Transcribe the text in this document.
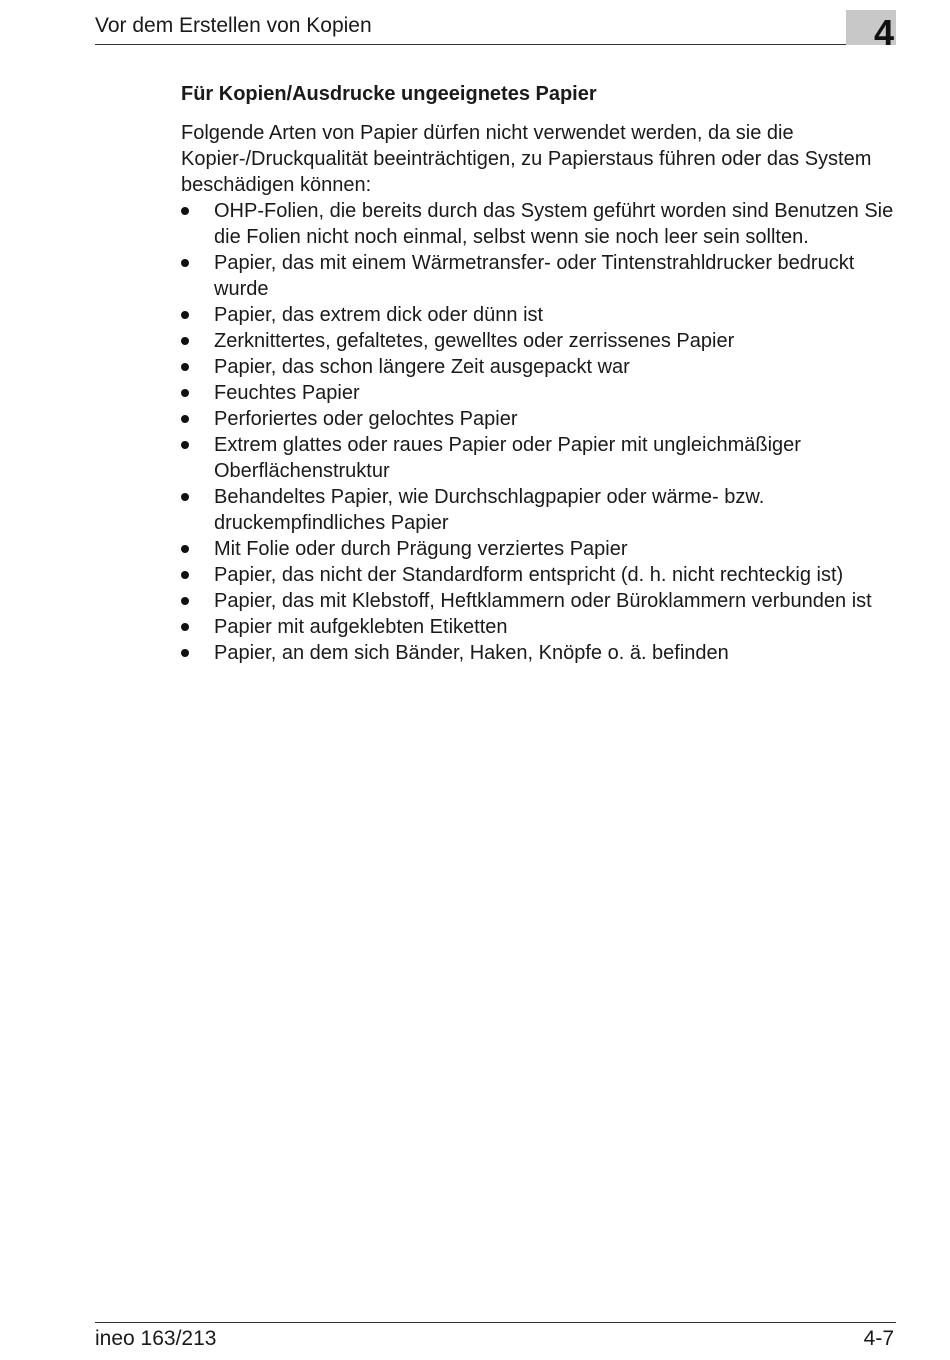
Vor dem Erstellen von Kopien	4
Für Kopien/Ausdrucke ungeeignetes Papier

Folgende Arten von Papier dürfen nicht verwendet werden, da sie die Kopier-/Druckqualität beeinträchtigen, zu Papierstaus führen oder das System beschädigen können:

OHP-Folien, die bereits durch das System geführt worden sind Benutzen Sie die Folien nicht noch einmal, selbst wenn sie noch leer sein sollten.
Papier, das mit einem Wärmetransfer- oder Tintenstrahldrucker bedruckt wurde
Papier, das extrem dick oder dünn ist
Zerknittertes, gefaltetes, gewelltes oder zerrissenes Papier
Papier, das schon längere Zeit ausgepackt war
Feuchtes Papier
Perforiertes oder gelochtes Papier
Extrem glattes oder raues Papier oder Papier mit ungleichmäßiger Oberflächenstruktur
Behandeltes Papier, wie Durchschlagpapier oder wärme- bzw. druckempfindliches Papier
Mit Folie oder durch Prägung verziertes Papier
Papier, das nicht der Standardform entspricht (d. h. nicht rechteckig ist)
Papier, das mit Klebstoff, Heftklammern oder Büroklammern verbunden ist
Papier mit aufgeklebten Etiketten
Papier, an dem sich Bänder, Haken, Knöpfe o. ä. befinden
ineo 163/213	4-7
